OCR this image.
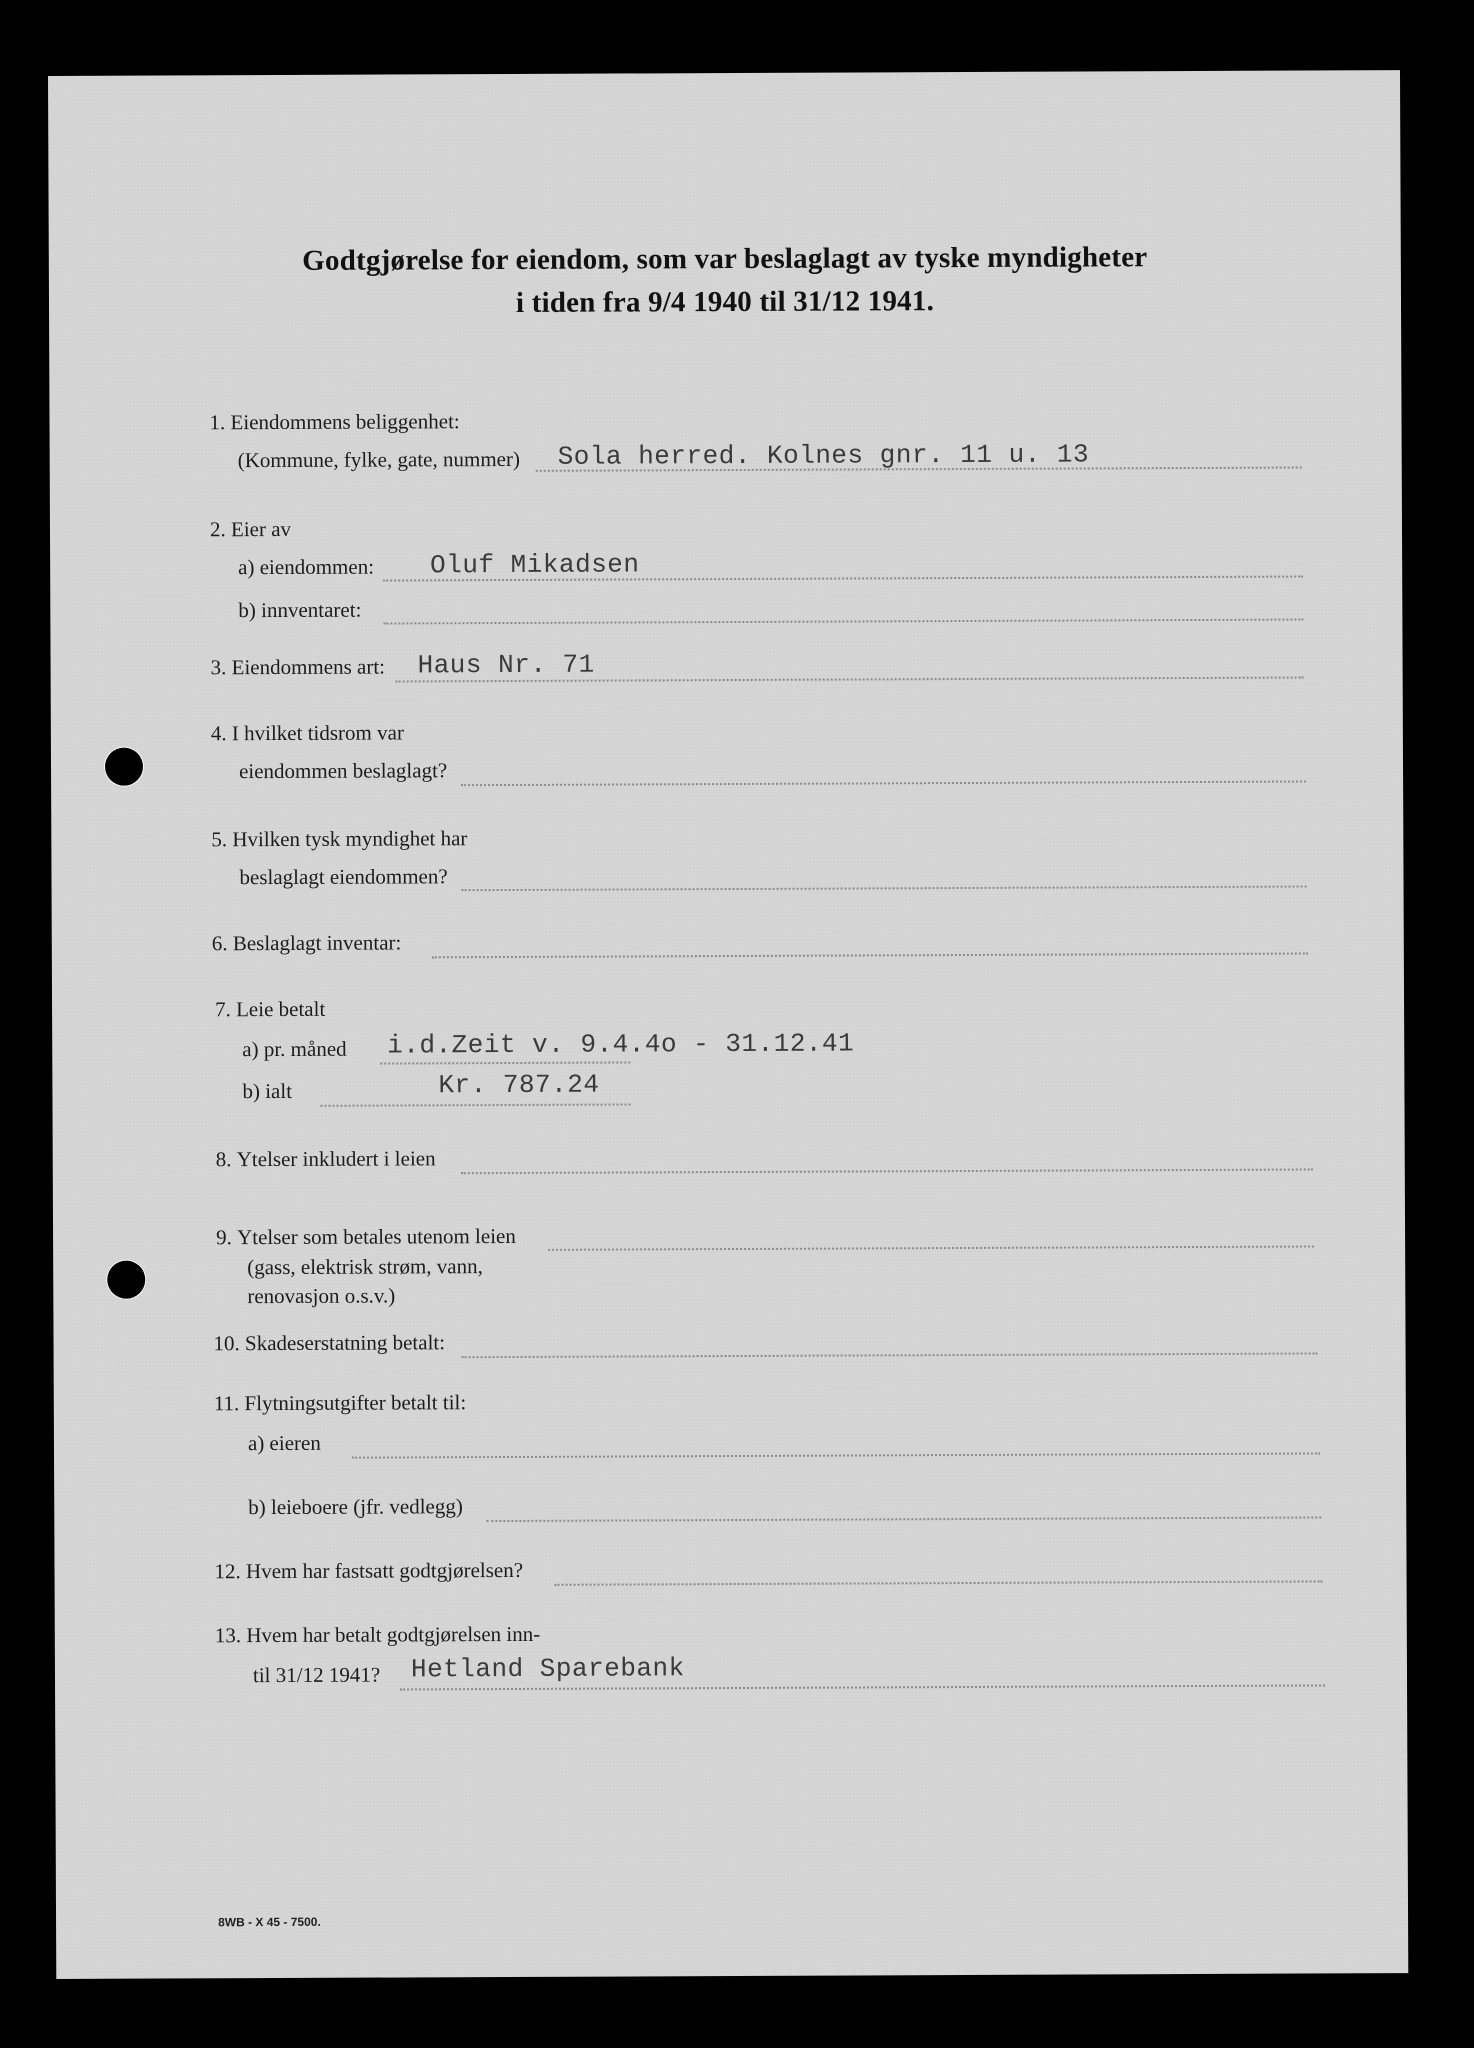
Godtgjørelse for eiendom, som var beslaglagt av tyske myndigheter
i tiden fra 9/4 1940 til 31/12 1941.
1. Eiendommens beliggenhet:
(Kommune, fylke, gate, nummer) Sola herred. Kolnes gnr. 11 u. 13
2. Eier av
a) eiendommen: Oluf Mikadsen
b) innventaret:
3. Eiendommens art: Haus Nr. 71
4. I hvilket tidsrom var
eiendommen beslaglagt?
5. Hvilken tysk myndighet har
beslaglagt eiendommen?
6. Beslaglagt inventar:
7. Leie betalt
a) pr. måned i.d.Zeit v. 9.4.4o - 31.12.41
b) ialt	Kr. 787.24
8. Ytelser inkludert i leien
9. Ytelser som betales utenom leien
(gass, elektrisk strøm, vann,
renovasjon o.s.v.)
10. Skadeserstatning betalt:
11. Flytningsutgifter betalt til:
a) eieren
b) leieboere (jfr. vedlegg)
12. Hvem har fastsatt godtgjørelsen?
13. Hvem har betalt godtgjørelsen inn-
til 31/12 1941? Hetland Sparebank
8WB - X 45 - 7500.
